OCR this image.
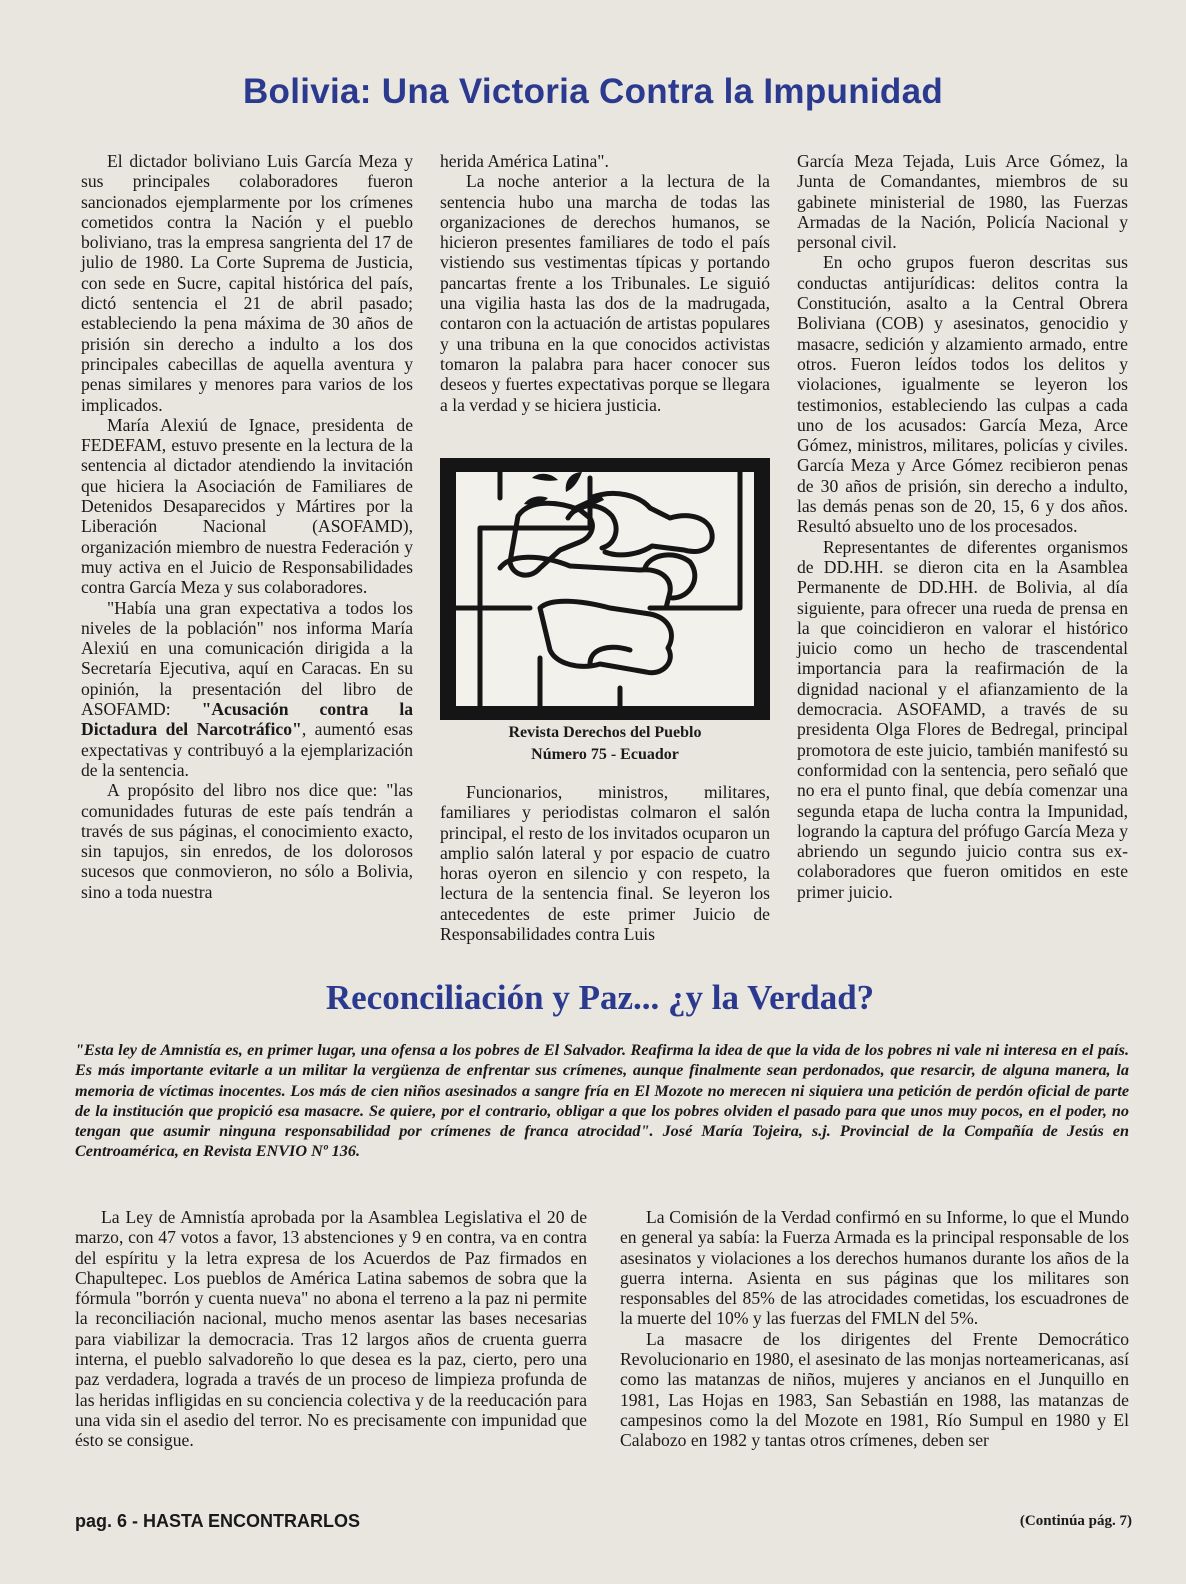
Bolivia: Una Victoria Contra la Impunidad

El dictador boliviano Luis García Meza y sus principales colaboradores fueron sancionados ejemplarmente por los crímenes cometidos contra la Nación y el pueblo boliviano, tras la empresa sangrienta del 17 de julio de 1980. La Corte Suprema de Justicia, con sede en Sucre, capital histórica del país, dictó sentencia el 21 de abril pasado; estableciendo la pena máxima de 30 años de prisión sin derecho a indulto a los dos principales cabecillas de aquella aventura y penas similares y menores para varios de los implicados.

María Alexiú de Ignace, presidenta de FEDEFAM, estuvo presente en la lectura de la sentencia al dictador atendiendo la invitación que hiciera la Asociación de Familiares de Detenidos Desaparecidos y Mártires por la Liberación Nacional (ASOFAMD), organización miembro de nuestra Federación y muy activa en el Juicio de Responsabilidades contra García Meza y sus colaboradores.

"Había una gran expectativa a todos los niveles de la población" nos informa María Alexiú en una comunicación dirigida a la Secretaría Ejecutiva, aquí en Caracas. En su opinión, la presentación del libro de ASOFAMD: "Acusación contra la Dictadura del Narcotráfico", aumentó esas expectativas y contribuyó a la ejemplarización de la sentencia.

A propósito del libro nos dice que: "las comunidades futuras de este país tendrán a través de sus páginas, el conocimiento exacto, sin tapujos, sin enredos, de los dolorosos sucesos que conmovieron, no sólo a Bolivia, sino a toda nuestra

herida América Latina".

La noche anterior a la lectura de la sentencia hubo una marcha de todas las organizaciones de derechos humanos, se hicieron presentes familiares de todo el país vistiendo sus vestimentas típicas y portando pancartas frente a los Tribunales. Le siguió una vigilia hasta las dos de la madrugada, contaron con la actuación de artistas populares y una tribuna en la que conocidos activistas tomaron la palabra para hacer conocer sus deseos y fuertes expectativas porque se llegara a la verdad y se hiciera justicia.

Revista Derechos del Pueblo
Número 75 - Ecuador

Funcionarios, ministros, militares, familiares y periodistas colmaron el salón principal, el resto de los invitados ocuparon un amplio salón lateral y por espacio de cuatro horas oyeron en silencio y con respeto, la lectura de la sentencia final. Se leyeron los antecedentes de este primer Juicio de Responsabilidades contra Luis

García Meza Tejada, Luis Arce Gómez, la Junta de Comandantes, miembros de su gabinete ministerial de 1980, las Fuerzas Armadas de la Nación, Policía Nacional y personal civil.

En ocho grupos fueron descritas sus conductas antijurídicas: delitos contra la Constitución, asalto a la Central Obrera Boliviana (COB) y asesinatos, genocidio y masacre, sedición y alzamiento armado, entre otros. Fueron leídos todos los delitos y violaciones, igualmente se leyeron los testimonios, estableciendo las culpas a cada uno de los acusados: García Meza, Arce Gómez, ministros, militares, policías y civiles. García Meza y Arce Gómez recibieron penas de 30 años de prisión, sin derecho a indulto, las demás penas son de 20, 15, 6 y dos años. Resultó absuelto uno de los procesados.

Representantes de diferentes organismos de DD.HH. se dieron cita en la Asamblea Permanente de DD.HH. de Bolivia, al día siguiente, para ofrecer una rueda de prensa en la que coincidieron en valorar el histórico juicio como un hecho de trascendental importancia para la reafirmación de la dignidad nacional y el afianzamiento de la democracia. ASOFAMD, a través de su presidenta Olga Flores de Bedregal, principal promotora de este juicio, también manifestó su conformidad con la sentencia, pero señaló que no era el punto final, que debía comenzar una segunda etapa de lucha contra la Impunidad, logrando la captura del prófugo García Meza y abriendo un segundo juicio contra sus ex-colaboradores que fueron omitidos en este primer juicio.

Reconciliación y Paz... ¿y la Verdad?
"Esta ley de Amnistía es, en primer lugar, una ofensa a los pobres de El Salvador. Reafirma la idea de que la vida de los pobres ni vale ni interesa en el país. Es más importante evitarle a un militar la vergüenza de enfrentar sus crímenes, aunque finalmente sean perdonados, que resarcir, de alguna manera, la memoria de víctimas inocentes. Los más de cien niños asesinados a sangre fría en El Mozote no merecen ni siquiera una petición de perdón oficial de parte de la institución que propició esa masacre. Se quiere, por el contrario, obligar a que los pobres olviden el pasado para que unos muy pocos, en el poder, no tengan que asumir ninguna responsabilidad por crímenes de franca atrocidad". José María Tojeira, s.j. Provincial de la Compañía de Jesús en Centroamérica, en Revista ENVIO Nº 136.

La Ley de Amnistía aprobada por la Asamblea Legislativa el 20 de marzo, con 47 votos a favor, 13 abstenciones y 9 en contra, va en contra del espíritu y la letra expresa de los Acuerdos de Paz firmados en Chapultepec. Los pueblos de América Latina sabemos de sobra que la fórmula "borrón y cuenta nueva" no abona el terreno a la paz ni permite la reconciliación nacional, mucho menos asentar las bases necesarias para viabilizar la democracia. Tras 12 largos años de cruenta guerra interna, el pueblo salvadoreño lo que desea es la paz, cierto, pero una paz verdadera, lograda a través de un proceso de limpieza profunda de las heridas infligidas en su conciencia colectiva y de la reeducación para una vida sin el asedio del terror. No es precisamente con impunidad que ésto se consigue.

La Comisión de la Verdad confirmó en su Informe, lo que el Mundo en general ya sabía: la Fuerza Armada es la principal responsable de los asesinatos y violaciones a los derechos humanos durante los años de la guerra interna. Asienta en sus páginas que los militares son responsables del 85% de las atrocidades cometidas, los escuadrones de la muerte del 10% y las fuerzas del FMLN del 5%.

La masacre de los dirigentes del Frente Democrático Revolucionario en 1980, el asesinato de las monjas norteamericanas, así como las matanzas de niños, mujeres y ancianos en el Junquillo en 1981, Las Hojas en 1983, San Sebastián en 1988, las matanzas de campesinos como la del Mozote en 1981, Río Sumpul en 1980 y El Calabozo en 1982 y tantas otros crímenes, deben ser

pag. 6 - HASTA ENCONTRARLOS	(Continúa pág. 7)
